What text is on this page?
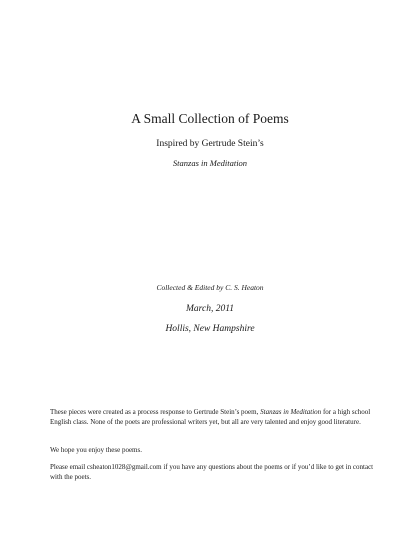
A Small Collection of Poems
Inspired by Gertrude Stein’s
Stanzas in Meditation
Collected & Edited by C. S. Heaton
March, 2011
Hollis, New Hampshire

These pieces were created as a process response to Gertrude Stein’s poem, Stanzas in Meditation for a high school English class. None of the poets are professional writers yet, but all are very talented and enjoy good literature.

We hope you enjoy these poems.

Please email csheaton1028@gmail.com if you have any questions about the poems or if you’d like to get in contact with the poets.
